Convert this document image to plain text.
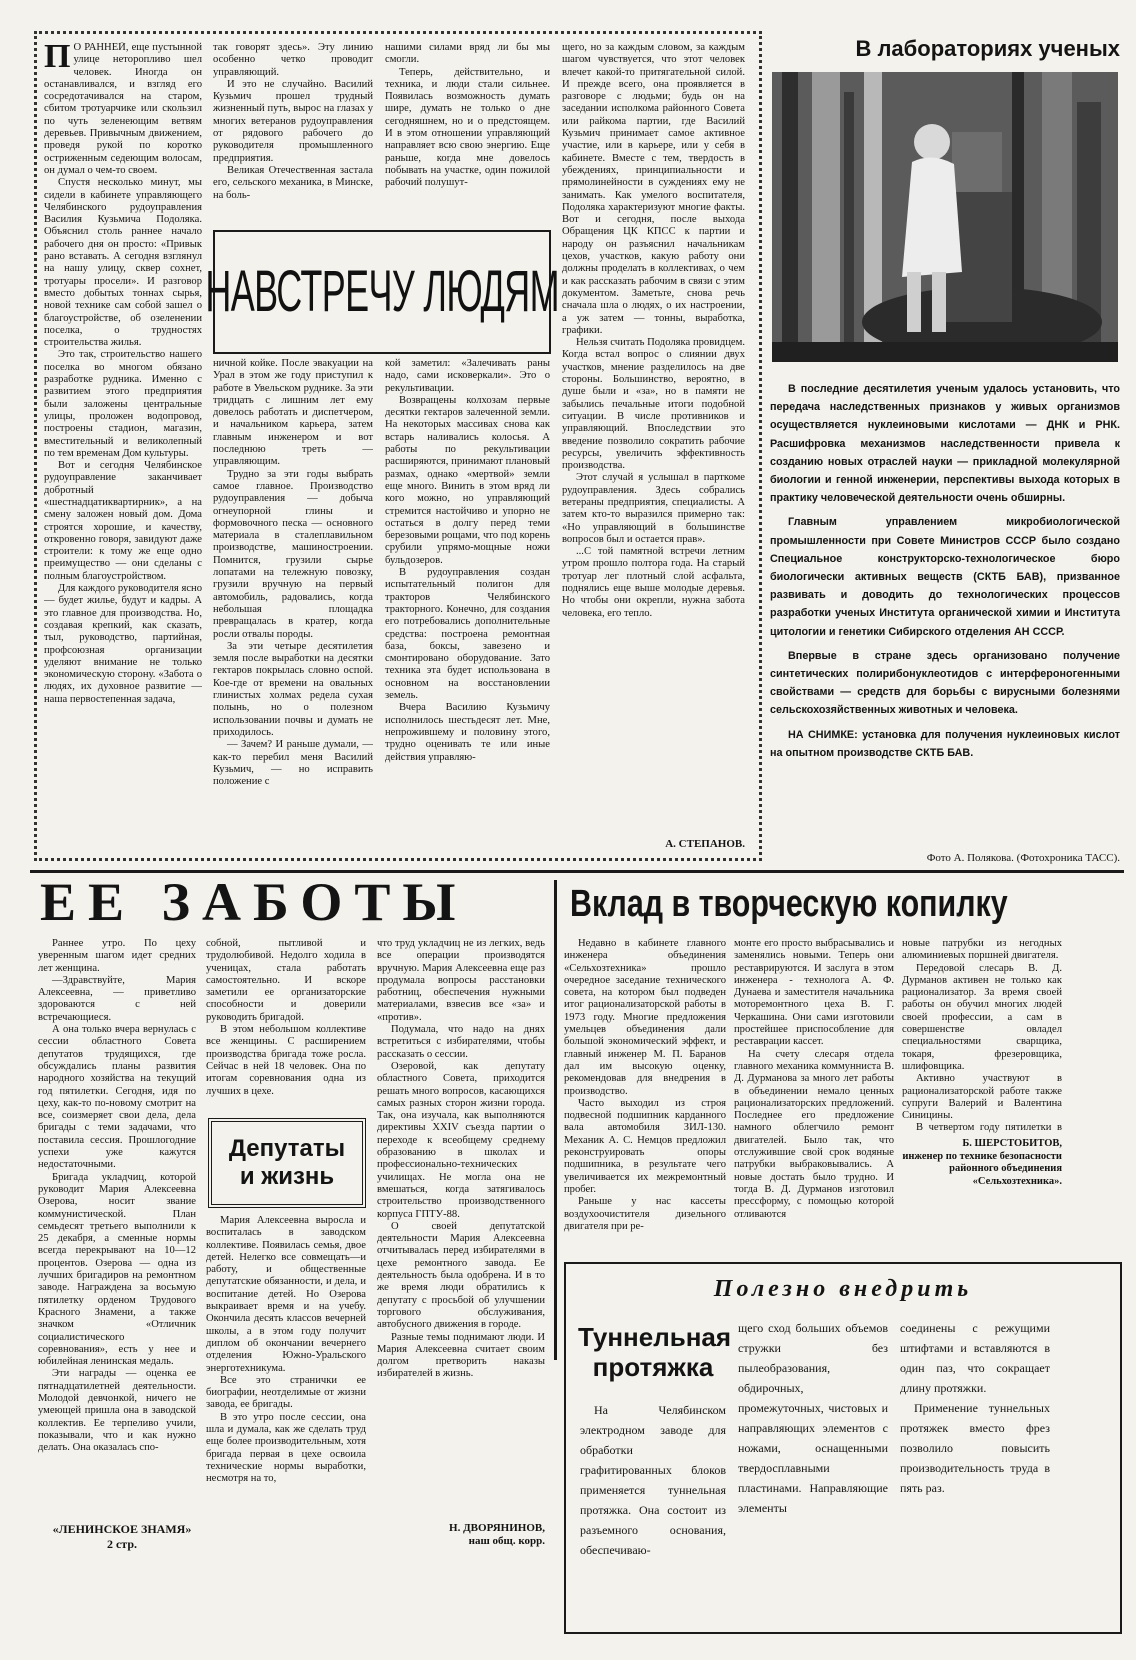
П О РАННЕЙ, еще пустынной улице неторопливо шел человек. Иногда он останавливался, и взгляд его сосредотачивался на старом, сбитом тротуарчике или скользил по чуть зеленеющим ветвям деревьев. Привычным движением, проведя рукой по коротко остриженным седеющим волосам, он думал о чем-то своем.

Спустя несколько минут, мы сидели в кабинете управляющего Челябинского рудоуправления Василия Кузьмича Подоляка. Объяснил столь раннее начало рабочего дня он просто: «Привык рано вставать. А сегодня взглянул на нашу улицу, сквер сохнет, тротуары просели». И разговор вместо добытых тоннах сырья, новой технике сам собой зашел о благоустройстве, об озеленении поселка, о трудностях строительства жилья.

Это так, строительство нашего поселка во многом обязано разработке рудника. Именно с развитием этого предприятия были заложены центральные улицы, проложен водопровод, построены стадион, магазин, вместительный и великолепный по тем временам Дом культуры.

Вот и сегодня Челябинское рудоуправление заканчивает добротный «шестнадцатиквартирник», а на смену заложен новый дом. Дома строятся хорошие, и качеству, откровенно говоря, завидуют даже строители: к тому же еще одно преимущество — они сделаны с полным благоустройством.

Для каждого руководителя ясно — будет жилье, будут и кадры. А это главное для производства. Но, создавая крепкий, как сказать, тыл, руководство, партийная, профсоюзная организации уделяют внимание не только экономическую сторону. «Забота о людях, их духовное развитие — наша первостепенная задача,

так говорят здесь». Эту линию особенно четко проводит управляющий.

И это не случайно. Василий Кузьмич прошел трудный жизненный путь, вырос на глазах у многих ветеранов рудоуправления от рядового рабочего до руководителя промышленного предприятия.

Великая Отечественная застала его, сельского механика, в Минске, на боль-

нашими силами вряд ли бы мы смогли.

Теперь, действительно, и техника, и люди стали сильнее. Появилась возможность думать шире, думать не только о дне сегодняшнем, но и о предстоящем. И в этом отношении управляющий направляет всю свою энергию. Еще раньше, когда мне довелось побывать на участке, один пожилой рабочий полушут-

НАВСТРЕЧУ ЛЮДЯМ

ничной койке. После эвакуации на Урал в этом же году приступил к работе в Увельском руднике. За эти тридцать с лишним лет ему довелось работать и диспетчером, и начальником карьера, затем главным инженером и вот последнюю треть — управляющим.

Трудно за эти годы выбрать самое главное. Производство рудоуправления — добыча огнеупорной глины и формовочного песка — основного материала в сталеплавильном производстве, машиностроении. Помнится, грузили сырье лопатами на тележную повозку, грузили вручную на первый автомобиль, радовались, когда небольшая площадка превращалась в кратер, когда росли отвалы породы.

За эти четыре десятилетия земля после выработки на десятки гектаров покрылась словно оспой. Кое-где от времени на овальных глинистых холмах редела сухая полынь, но о полезном использовании почвы и думать не приходилось.

— Зачем? И раньше думали, — как-то перебил меня Василий Кузьмич, — но исправить положение с

кой заметил: «Залечивать раны надо, сами исковеркали». Это о рекультивации.

Возвращены колхозам первые десятки гектаров залеченной земли. На некоторых массивах снова как встарь наливались колосья. А работы по рекультивации расширяются, принимают плановый размах, однако «мертвой» земли еще много. Винить в этом вряд ли кого можно, но управляющий стремится настойчиво и упорно не остаться в долгу перед теми березовыми рощами, что под корень срубили упрямо-мощные ножи бульдозеров.

В рудоуправления создан испытательный полигон для тракторов Челябинского тракторного. Конечно, для создания его потребовались дополнительные средства: построена ремонтная база, боксы, завезено и смонтировано оборудование. Зато техника эта будет использована в основном на восстановлении земель.

Вчера Василию Кузьмичу исполнилось шестьдесят лет. Мне, непрожившему и половину этого, трудно оценивать те или иные действия управляю-

щего, но за каждым словом, за каждым шагом чувствуется, что этот человек влечет какой-то притягательной силой. И прежде всего, она проявляется в разговоре с людьми; будь он на заседании исполкома районного Совета или райкома партии, где Василий Кузьмич принимает самое активное участие, или в карьере, или у себя в кабинете. Вместе с тем, твердость в убеждениях, принципиальности и прямолинейности в суждениях ему не занимать. Как умелого воспитателя, Подоляка характеризуют многие факты. Вот и сегодня, после выхода Обращения ЦК КПСС к партии и народу он разъяснил начальникам цехов, участков, какую работу они должны проделать в коллективах, о чем и как рассказать рабочим в связи с этим документом. Заметьте, снова речь сначала шла о людях, о их настроении, а уж затем — тонны, выработка, графики.

Нельзя считать Подоляка провидцем. Когда встал вопрос о слиянии двух участков, мнение разделилось на две стороны. Большинство, вероятно, в душе были и «за», но в памяти не забылись печальные итоги подобной ситуации. В числе противников и управляющий. Впоследствии это введение позволило сократить рабочие ресурсы, увеличить эффективность производства.

Этот случай я услышал в парткоме рудоуправления. Здесь собрались ветераны предприятия, специалисты. А затем кто-то выразился примерно так: «Но управляющий в большинстве вопросов был и остается прав».

...С той памятной встречи летним утром прошло полтора года. На старый тротуар лег плотный слой асфальта, поднялись еще выше молодые деревья. Но чтобы они окрепли, нужна забота человека, его тепло.

А. СТЕПАНОВ.
В лабораториях ученых

В последние десятилетия ученым удалось установить, что передача наследственных признаков у живых организмов осуществляется нуклеиновыми кислотами — ДНК и РНК. Расшифровка механизмов наследственности привела к созданию новых отраслей науки — прикладной молекулярной биологии и генной инженерии, перспективы выхода которых в практику человеческой деятельности очень обширны.

Главным управлением микробиологической промышленности при Совете Министров СССР было создано Специальное конструкторско-технологическое бюро биологически активных веществ (СКТБ БАВ), призванное развивать и доводить до технологических процессов разработки ученых Института органической химии и Института цитологии и генетики Сибирского отделения АН СССР.

Впервые в стране здесь организовано получение синтетических полирибонуклеотидов с интерфероногенными свойствами — средств для борьбы с вирусными болезнями сельскохозяйственных животных и человека.

НА СНИМКЕ: установка для получения нуклеиновых кислот на опытном производстве СКТБ БАВ.

Фото А. Полякова. (Фотохроника ТАСС).
ЕЕ ЗАБОТЫ

Раннее утро. По цеху уверенным шагом идет средних лет женщина.

—Здравствуйте, Мария Алексеевна, — приветливо здороваются с ней встречающиеся.

А она только вчера вернулась с сессии областного Совета депутатов трудящихся, где обсуждались планы развития народного хозяйства на текущий год пятилетки. Сегодня, идя по цеху, как-то по-новому смотрит на все, соизмеряет свои дела, дела бригады с теми задачами, что поставила сессия. Прошлогодние успехи уже кажутся недостаточными.

Бригада укладчиц, которой руководит Мария Алексеевна Озерова, носит звание коммунистической. План семьдесят третьего выполнили к 25 декабря, а сменные нормы всегда перекрывают на 10—12 процентов. Озерова — одна из лучших бригадиров на ремонтном заводе. Награждена за восьмую пятилетку орденом Трудового Красного Знамени, а также значком «Отличник социалистического соревнования», есть у нее и юбилейная ленинская медаль.

Эти награды — оценка ее пятнадцатилетней деятельности. Молодой девчонкой, ничего не умеющей пришла она в заводской коллектив. Ее терпеливо учили, показывали, что и как нужно делать. Она оказалась спо-

собной, пытливой и трудолюбивой. Недолго ходила в ученицах, стала работать самостоятельно. И вскоре заметили ее организаторские способности и доверили руководить бригадой.

В этом небольшом коллективе все женщины. С расширением производства бригада тоже росла. Сейчас в ней 18 человек. Она по итогам соревнования одна из лучших в цехе.

Депутаты и жизнь

Мария Алексеевна выросла и воспиталась в заводском коллективе. Появилась семья, двое детей. Нелегко все совмещать—и работу, и общественные депутатские обязанности, и дела, и воспитание детей. Но Озерова выкраивает время и на учебу. Окончила десять классов вечерней школы, а в этом году получит диплом об окончании вечернего отделения Южно-Уральского энерготехникума.

Все это странички ее биографии, неотделимые от жизни завода, ее бригады.

В это утро после сессии, она шла и думала, как же сделать труд еще более производительным, хотя бригада первая в цехе освоила технические нормы выработки, несмотря на то,

что труд укладчиц не из легких, ведь все операции производятся вручную. Мария Алексеевна еще раз продумала вопросы расстановки работниц, обеспечения нужными материалами, взвесив все «за» и «против».

Подумала, что надо на днях встретиться с избирателями, чтобы рассказать о сессии.

Озеровой, как депутату областного Совета, приходится решать много вопросов, касающихся самых разных сторон жизни города. Так, она изучала, как выполняются директивы XXIV съезда партии о переходе к всеобщему среднему образованию в школах и профессионально-технических училищах. Не могла она не вмешаться, когда затягивалось строительство производственного корпуса ГПТУ-88.

О своей депутатской деятельности Мария Алексеевна отчитывалась перед избирателями в цехе ремонтного завода. Ее деятельность была одобрена. И в то же время люди обратились к депутату с просьбой об улучшении торгового обслуживания, автобусного движения в городе.

Разные темы поднимают люди. И Мария Алексеевна считает своим долгом претворить наказы избирателей в жизнь.

Н. ДВОРЯНИНОВ,
наш общ. корр.
«ЛЕНИНСКОЕ ЗНАМЯ»
2 стр.
Вклад в творческую копилку

Недавно в кабинете главного инженера объединения «Сельхозтехника» прошло очередное заседание технического совета, на котором был подведен итог рационализаторской работы в 1973 году. Многие предложения умельцев объединения дали большой экономический эффект, и главный инженер М. П. Баранов дал им высокую оценку, рекомендовав для внедрения в производство.

Часто выходил из строя подвесной подшипник карданного вала автомобиля ЗИЛ-130. Механик А. С. Немцов предложил реконструировать опоры подшипника, в результате чего увеличивается их межремонтный пробег.

Раньше у нас кассеты воздухоочистителя дизельного двигателя при ре-

монте его просто выбрасывались и заменялись новыми. Теперь они реставрируются. И заслуга в этом инженера - технолога А. Ф. Дунаева и заместителя начальника моторемонтного цеха В. Г. Черкашина. Они сами изготовили простейшее приспособление для реставрации кассет.

На счету слесаря отдела главного механика коммунниста В. Д. Дурманова за много лет работы в объединении немало ценных рационализаторских предложений. Последнее его предложение намного облегчило ремонт двигателей. Было так, что отслужившие свой срок водяные патрубки выбраковывались. А новые достать было трудно. И тогда В. Д. Дурманов изготовил прессформу, с помощью которой отливаются

новые патрубки из негодных алюминиевых поршней двигателя.

Передовой слесарь В. Д. Дурманов активен не только как рационализатор. За время своей работы он обучил многих людей своей профессии, а сам в совершенстве овладел специальностями сварщика, токаря, фрезеровщика, шлифовщика.

Активно участвуют в рационализаторской работе также супруги Валерий и Валентина Синицины.

В четвертом году пятилетки в

Б. ШЕРСТОБИТОВ,
инженер по технике безопасности районного объединения «Сельхозтехника».
Полезно внедрить
Туннельная протяжка

На Челябинском электродном заводе для обработки графитированных блоков применяется туннельная протяжка. Она состоит из разъемного основания, обеспечиваю-

щего сход больших объемов стружки без пылеобразования, обдирочных, промежуточных, чистовых и направляющих элементов с ножами, оснащенными твердосплавными пластинами. Направляющие элементы

соединены с режущими штифтами и вставляются в один паз, что сокращает длину протяжки.

Применение туннельных протяжек вместо фрез позволило повысить производительность труда в пять раз.
